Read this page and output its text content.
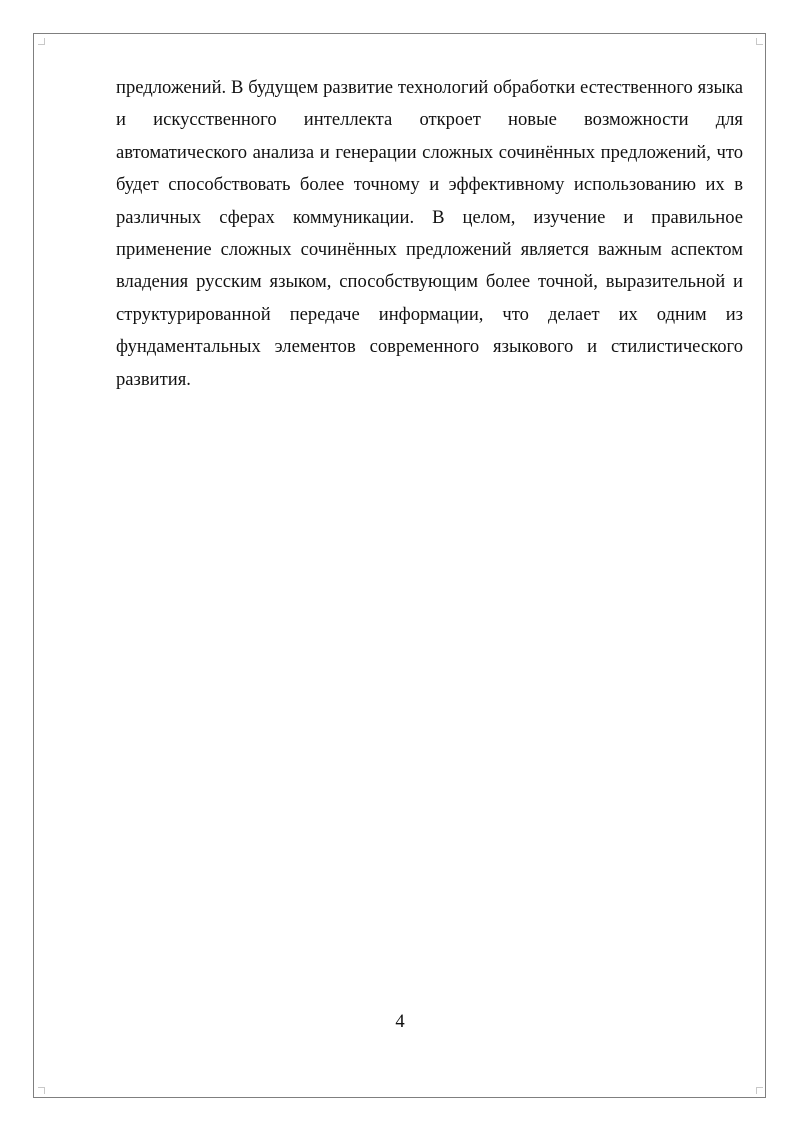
предложений. В будущем развитие технологий обработки естественного языка
и искусственного интеллекта откроет новые возможности для
автоматического анализа и генерации сложных сочинённых предложений, что
будет способствовать более точному и эффективному использованию их в
различных сферах коммуникации. В целом, изучение и правильное
применение сложных сочинённых предложений является важным аспектом
владения русским языком, способствующим более точной, выразительной и
структурированной передаче информации, что делает их одним из
фундаментальных элементов современного языкового и стилистического
развития.

4
